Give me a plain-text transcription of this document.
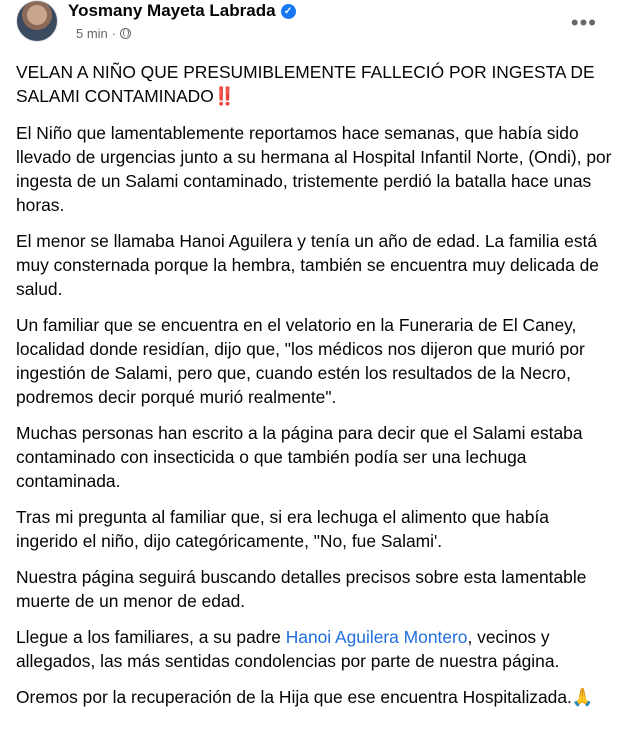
Yosmany Mayeta Labrada ✓
5 min ·	•••

VELAN A NIÑO QUE PRESUMIBLEMENTE FALLECIÓ POR INGESTA DE SALAMI CONTAMINADO‼️

El Niño que lamentablemente reportamos hace semanas, que había sido llevado de urgencias junto a su hermana al Hospital Infantil Norte, (Ondi), por ingesta de un Salami contaminado, tristemente perdió la batalla hace unas horas.

El menor se llamaba Hanoi Aguilera y tenía un año de edad. La familia está muy consternada porque la hembra, también se encuentra muy delicada de salud.

Un familiar que se encuentra en el velatorio en la Funeraria de El Caney, localidad donde residían, dijo que, "los médicos nos dijeron que murió por ingestión de Salami, pero que, cuando estén los resultados de la Necro, podremos decir porqué murió realmente".

Muchas personas han escrito a la página para decir que el Salami estaba contaminado con insecticida o que también podía ser una lechuga contaminada.

Tras mi pregunta al familiar que, si era lechuga el alimento que había ingerido el niño, dijo categóricamente, "No, fue Salami'.

Nuestra página seguirá buscando detalles precisos sobre esta lamentable muerte de un menor de edad.

Llegue a los familiares, a su padre Hanoi Aguilera Montero, vecinos y allegados, las más sentidas condolencias por parte de nuestra página.

Oremos por la recuperación de la Hija que ese encuentra Hospitalizada.🙏
